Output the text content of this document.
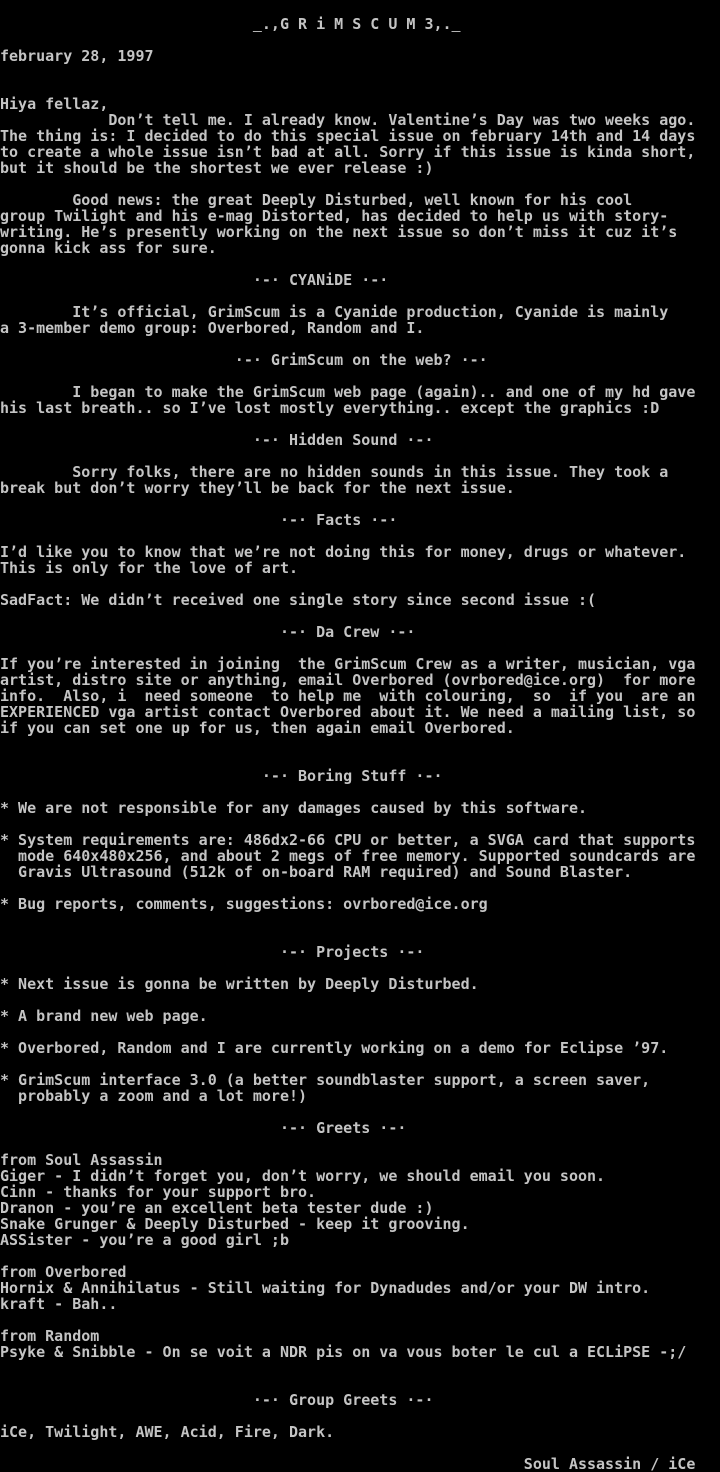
_.,G R i M S C U M 3,._
february 28, 1997
Hiya fellaz,
Don’t tell me. I already know. Valentine’s Day was two weeks ago.
The thing is: I decided to do this special issue on february 14th and 14 days
to create a whole issue isn’t bad at all. Sorry if this issue is kinda short,
but it should be the shortest we ever release :)
Good news: the great Deeply Disturbed, well known for his cool
group Twilight and his e-mag Distorted, has decided to help us with story-
writing. He’s presently working on the next issue so don’t miss it cuz it’s
gonna kick ass for sure.
·-· CYANiDE ·-·
It’s official, GrimScum is a Cyanide production, Cyanide is mainly
a 3-member demo group: Overbored, Random and I.
·-· GrimScum on the web? ·-·
I began to make the GrimScum web page (again).. and one of my hd gave
his last breath.. so I’ve lost mostly everything.. except the graphics :D
·-· Hidden Sound ·-·
Sorry folks, there are no hidden sounds in this issue. They took a
break but don’t worry they’ll be back for the next issue.
·-· Facts ·-·
I’d like you to know that we’re not doing this for money, drugs or whatever.
This is only for the love of art.
SadFact: We didn’t received one single story since second issue :(
·-· Da Crew ·-·
If you’re interested in joining  the GrimScum Crew as a writer, musician, vga
artist, distro site or anything, email Overbored (ovrbored@ice.org)  for more
info.  Also, i  need someone  to help me  with colouring,  so  if you  are an
EXPERIENCED vga artist contact Overbored about it. We need a mailing list, so
if you can set one up for us, then again email Overbored.
·-· Boring Stuff ·-·
* We are not responsible for any damages caused by this software.
* System requirements are: 486dx2-66 CPU or better, a SVGA card that supports
mode 640x480x256, and about 2 megs of free memory. Supported soundcards are
Gravis Ultrasound (512k of on-board RAM required) and Sound Blaster.
* Bug reports, comments, suggestions: ovrbored@ice.org
·-· Projects ·-·
* Next issue is gonna be written by Deeply Disturbed.
* A brand new web page.
* Overbored, Random and I are currently working on a demo for Eclipse ’97.
* GrimScum interface 3.0 (a better soundblaster support, a screen saver,
probably a zoom and a lot more!)
·-· Greets ·-·
from Soul Assassin
Giger - I didn’t forget you, don’t worry, we should email you soon.
Cinn - thanks for your support bro.
Dranon - you’re an excellent beta tester dude :)
Snake Grunger & Deeply Disturbed - keep it grooving.
ASSister - you’re a good girl ;b
from Overbored
Hornix & Annihilatus - Still waiting for Dynadudes and/or your DW intro.
kraft - Bah..
from Random
Psyke & Snibble - On se voit a NDR pis on va vous boter le cul a ECLiPSE -;/
·-· Group Greets ·-·
iCe, Twilight, AWE, Acid, Fire, Dark.
Soul Assassin / iCe
